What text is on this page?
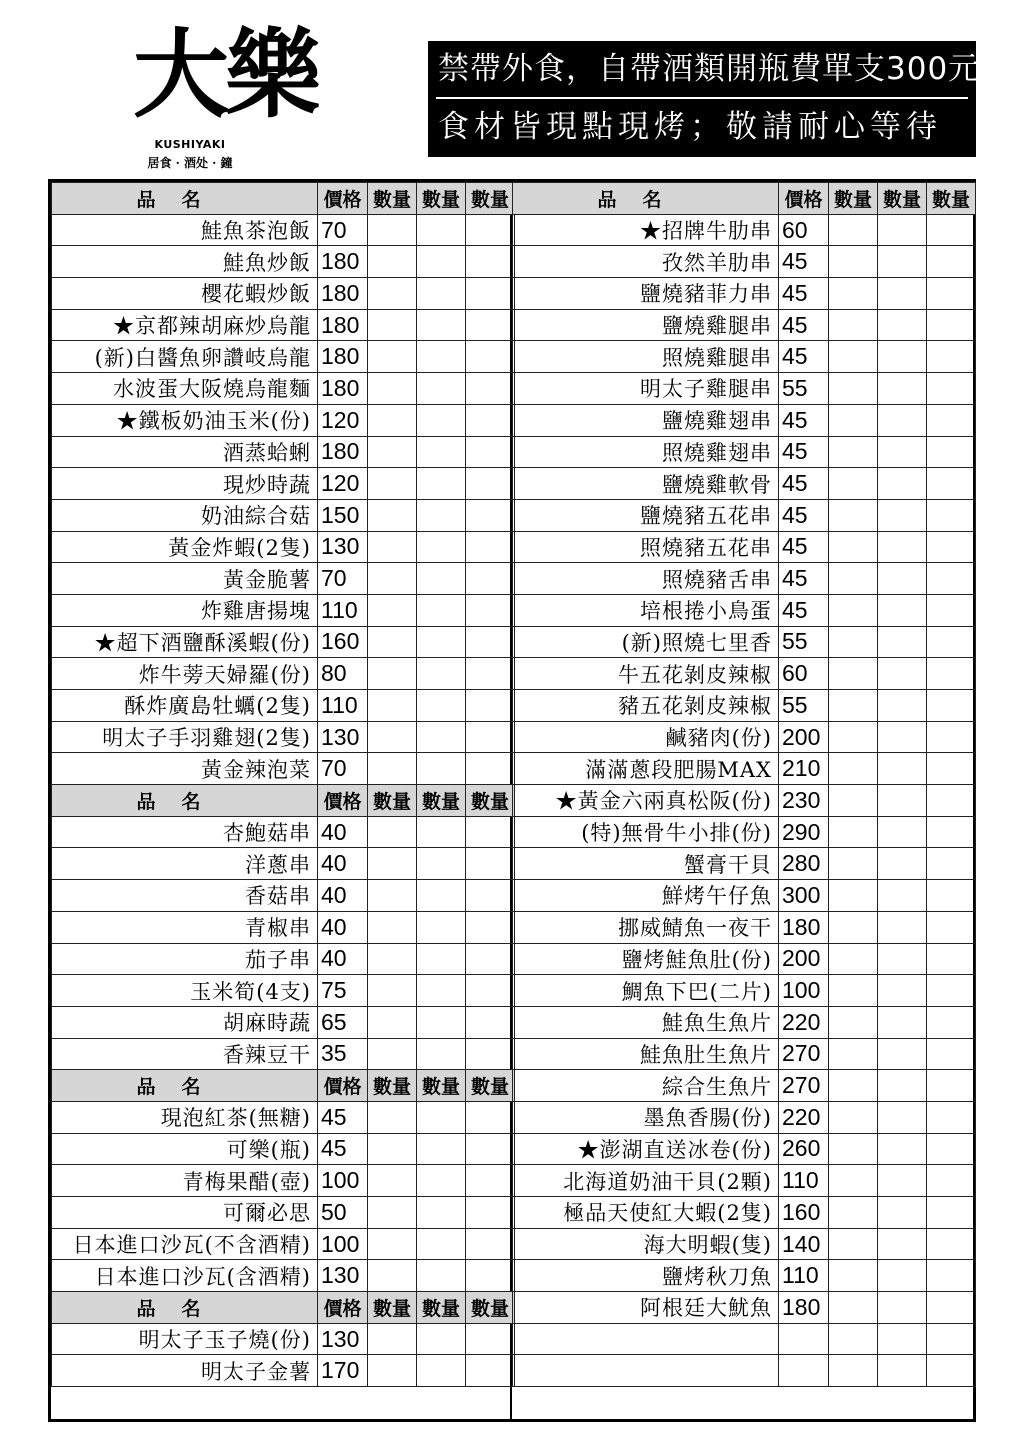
大樂
KUSHIYAKI
居食 · 酒处 · 鐘
禁帶外食，自帶酒類開瓶費單支300元
食材皆現點現烤；敬請耐心等待
品名	價格	數量	數量	數量
鮭魚茶泡飯	70			
鮭魚炒飯	180			
櫻花蝦炒飯	180			
★京都辣胡麻炒烏龍	180			
(新)白醬魚卵讚岐烏龍	180			
水波蛋大阪燒烏龍麵	180			
★鐵板奶油玉米(份)	120			
酒蒸蛤蜊	180			
現炒時蔬	120			
奶油綜合菇	150			
黃金炸蝦(2隻)	130			
黃金脆薯	70			
炸雞唐揚塊	110			
★超下酒鹽酥溪蝦(份)	160			
炸牛蒡天婦羅(份)	80			
酥炸廣島牡蠣(2隻)	110			
明太子手羽雞翅(2隻)	130			
黃金辣泡菜	70			
品名	價格	數量	數量	數量
杏鮑菇串	40			
洋蔥串	40			
香菇串	40			
青椒串	40			
茄子串	40			
玉米筍(4支)	75			
胡麻時蔬	65			
香辣豆干	35			
品名	價格	數量	數量	數量
現泡紅茶(無糖)	45			
可樂(瓶)	45			
青梅果醋(壺)	100			
可爾必思	50			
日本進口沙瓦(不含酒精)	100			
日本進口沙瓦(含酒精)	130			
品名	價格	數量	數量	數量
明太子玉子燒(份)	130			
明太子金薯	170			
品名	價格	數量	數量	數量
★招牌牛肋串	60			
孜然羊肋串	45			
鹽燒豬菲力串	45			
鹽燒雞腿串	45			
照燒雞腿串	45			
明太子雞腿串	55			
鹽燒雞翅串	45			
照燒雞翅串	45			
鹽燒雞軟骨	45			
鹽燒豬五花串	45			
照燒豬五花串	45			
照燒豬舌串	45			
培根捲小鳥蛋	45			
(新)照燒七里香	55			
牛五花剝皮辣椒	60			
豬五花剝皮辣椒	55			
鹹豬肉(份)	200			
滿滿蔥段肥腸MAX	210			
★黃金六兩真松阪(份)	230			
(特)無骨牛小排(份)	290			
蟹膏干貝	280			
鮮烤午仔魚	300			
挪威鯖魚一夜干	180			
鹽烤鮭魚肚(份)	200			
鯛魚下巴(二片)	100			
鮭魚生魚片	220			
鮭魚肚生魚片	270			
綜合生魚片	270			
墨魚香腸(份)	220			
★澎湖直送冰卷(份)	260			
北海道奶油干貝(2顆)	110			
極品天使紅大蝦(2隻)	160			
海大明蝦(隻)	140			
鹽烤秋刀魚	110			
阿根廷大魷魚	180			
